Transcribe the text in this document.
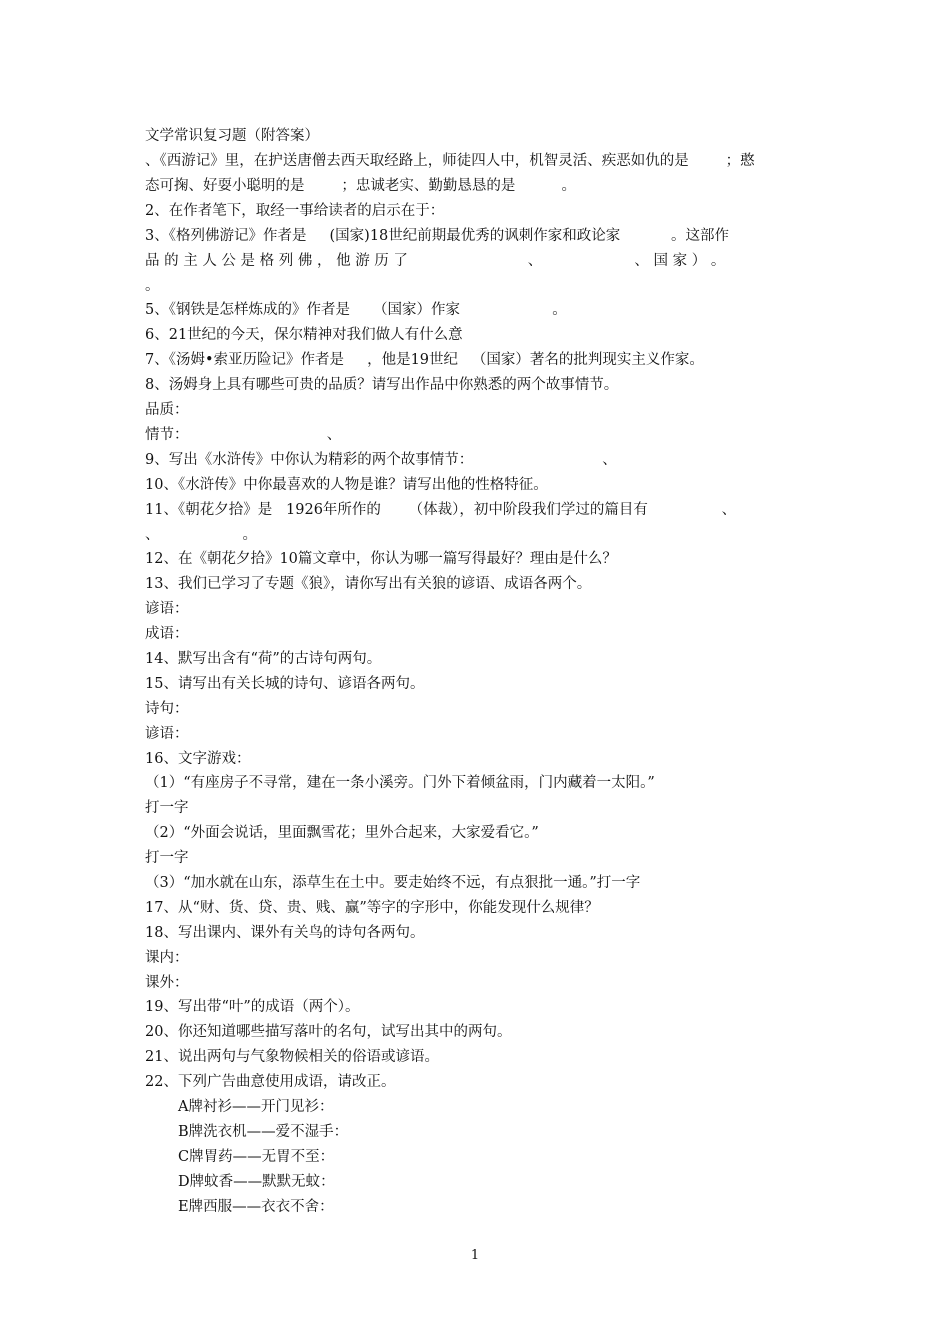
文学常识复习题（附答案）
、《西游记》里，在护送唐僧去西天取经路上，师徒四人中，机智灵活、疾恶如仇的是        ；憨
态可掬、好耍小聪明的是        ；忠诚老实、勤勤恳恳的是          。
2、在作者笔下，取经一事给读者的启示在于：
3、《格列佛游记》作者是     (国家)18世纪前期最优秀的讽刺作家和政论家           。这部作
品 的 主 人 公 是 格 列 佛 ， 他 游 历 了                          、                    、 国 家 ） 。
。
5、《钢铁是怎样炼成的》作者是     （国家）作家                    。
6、21世纪的今天，保尔精神对我们做人有什么意
7、《汤姆•索亚历险记》作者是     ，他是19世纪   （国家）著名的批判现实主义作家。
8、汤姆身上具有哪些可贵的品质？请写出作品中你熟悉的两个故事情节。
品质：
情节：                              、
9、写出《水浒传》中你认为精彩的两个故事情节：                            、
10、《水浒传》中你最喜欢的人物是谁？请写出他的性格特征。
11、《朝花夕拾》是   1926年所作的      （体裁），初中阶段我们学过的篇目有                、
、                  。
12、在《朝花夕拾》10篇文章中，你认为哪一篇写得最好？理由是什么？
13、我们已学习了专题《狼》，请你写出有关狼的谚语、成语各两个。
谚语：
成语：
14、默写出含有“荷”的古诗句两句。
15、请写出有关长城的诗句、谚语各两句。
诗句：
谚语：
16、文字游戏：
（1）“有座房子不寻常，建在一条小溪旁。门外下着倾盆雨，门内藏着一太阳。”
打一字
（2）“外面会说话，里面飘雪花；里外合起来，大家爱看它。”
打一字
（3）“加水就在山东，添草生在土中。要走始终不远，有点狠批一通。”打一字
17、从“财、货、贷、贵、贱、赢”等字的字形中，你能发现什么规律？
18、写出课内、课外有关鸟的诗句各两句。
课内：
课外：
19、写出带“叶”的成语（两个）。
20、你还知道哪些描写落叶的名句，试写出其中的两句。
21、说出两句与气象物候相关的俗语或谚语。
22、下列广告曲意使用成语，请改正。
A牌衬衫——开门见衫：
B牌洗衣机——爱不湿手：
C牌胃药——无胃不至：
D牌蚊香——默默无蚊：
E牌西服——衣衣不舍：
1
